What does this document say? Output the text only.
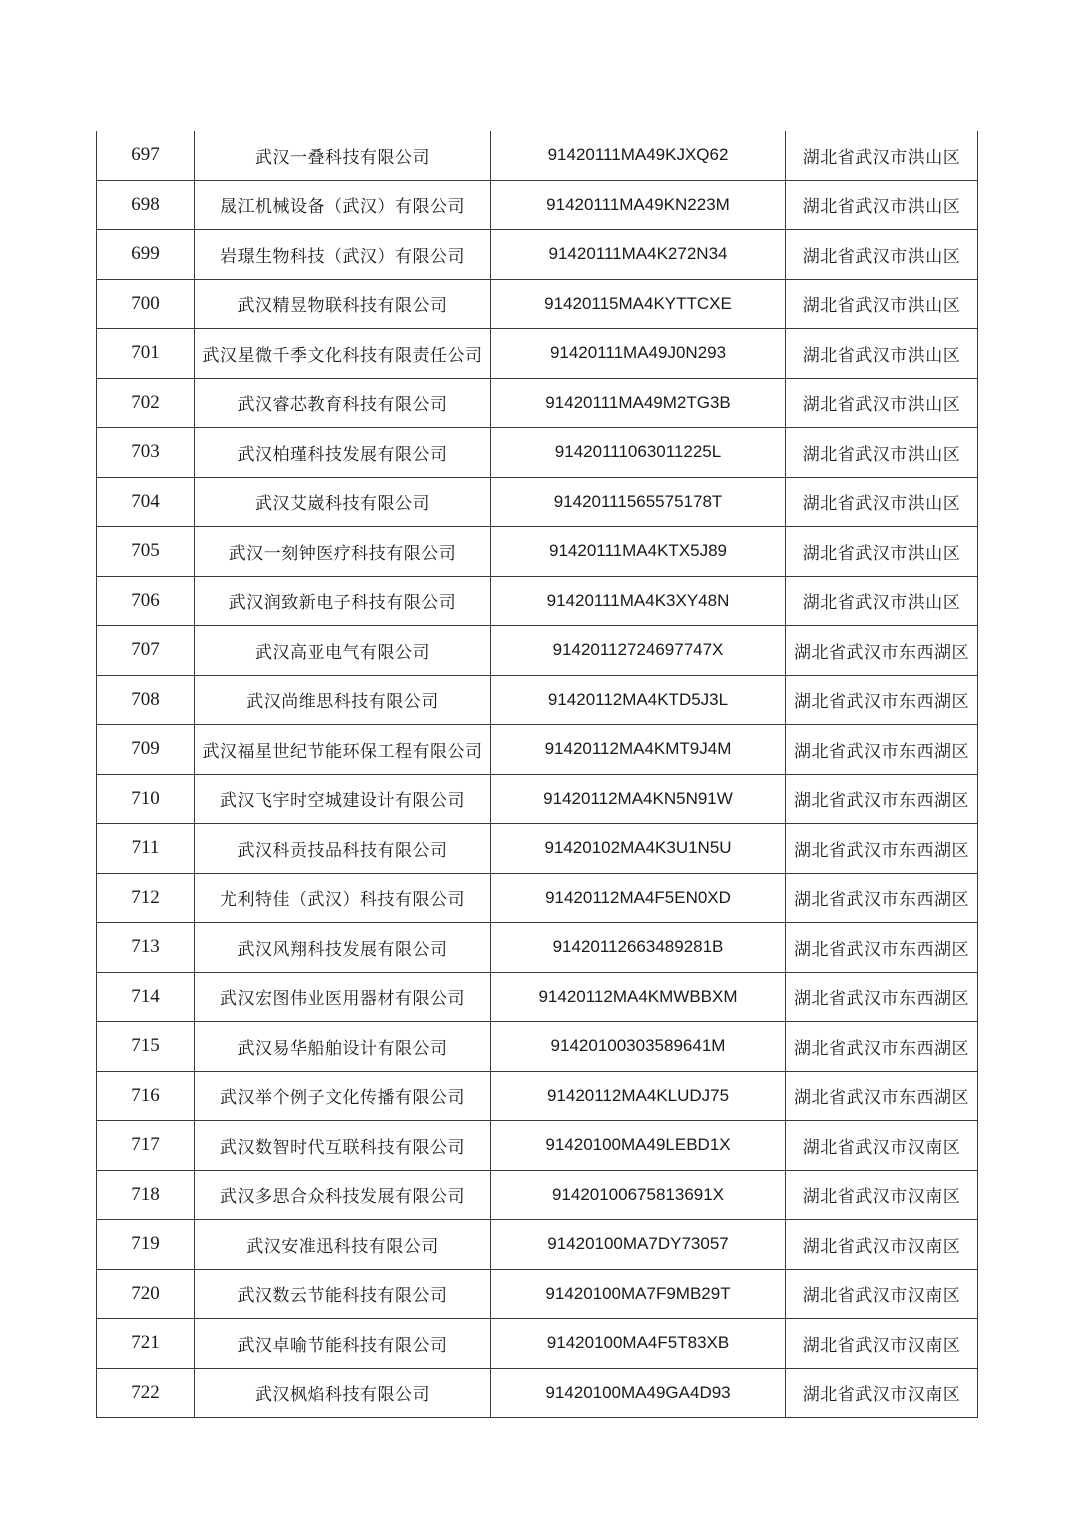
697	武汉一叠科技有限公司	91420111MA49KJXQ62	湖北省武汉市洪山区
698	晟江机械设备（武汉）有限公司	91420111MA49KN223M	湖北省武汉市洪山区
699	岩璟生物科技（武汉）有限公司	91420111MA4K272N34	湖北省武汉市洪山区
700	武汉精昱物联科技有限公司	91420115MA4KYTTCXE	湖北省武汉市洪山区
701	武汉星微千季文化科技有限责任公司	91420111MA49J0N293	湖北省武汉市洪山区
702	武汉睿芯教育科技有限公司	91420111MA49M2TG3B	湖北省武汉市洪山区
703	武汉柏瑾科技发展有限公司	91420111063011225L	湖北省武汉市洪山区
704	武汉艾崴科技有限公司	91420111565575178T	湖北省武汉市洪山区
705	武汉一刻钟医疗科技有限公司	91420111MA4KTX5J89	湖北省武汉市洪山区
706	武汉润致新电子科技有限公司	91420111MA4K3XY48N	湖北省武汉市洪山区
707	武汉高亚电气有限公司	91420112724697747X	湖北省武汉市东西湖区
708	武汉尚维思科技有限公司	91420112MA4KTD5J3L	湖北省武汉市东西湖区
709	武汉福星世纪节能环保工程有限公司	91420112MA4KMT9J4M	湖北省武汉市东西湖区
710	武汉飞宇时空城建设计有限公司	91420112MA4KN5N91W	湖北省武汉市东西湖区
711	武汉科贡技品科技有限公司	91420102MA4K3U1N5U	湖北省武汉市东西湖区
712	尤利特佳（武汉）科技有限公司	91420112MA4F5EN0XD	湖北省武汉市东西湖区
713	武汉风翔科技发展有限公司	91420112663489281B	湖北省武汉市东西湖区
714	武汉宏图伟业医用器材有限公司	91420112MA4KMWBBXM	湖北省武汉市东西湖区
715	武汉易华船舶设计有限公司	91420100303589641M	湖北省武汉市东西湖区
716	武汉举个例子文化传播有限公司	91420112MA4KLUDJ75	湖北省武汉市东西湖区
717	武汉数智时代互联科技有限公司	91420100MA49LEBD1X	湖北省武汉市汉南区
718	武汉多思合众科技发展有限公司	91420100675813691X	湖北省武汉市汉南区
719	武汉安准迅科技有限公司	91420100MA7DY73057	湖北省武汉市汉南区
720	武汉数云节能科技有限公司	91420100MA7F9MB29T	湖北省武汉市汉南区
721	武汉卓喻节能科技有限公司	91420100MA4F5T83XB	湖北省武汉市汉南区
722	武汉枫焰科技有限公司	91420100MA49GA4D93	湖北省武汉市汉南区
